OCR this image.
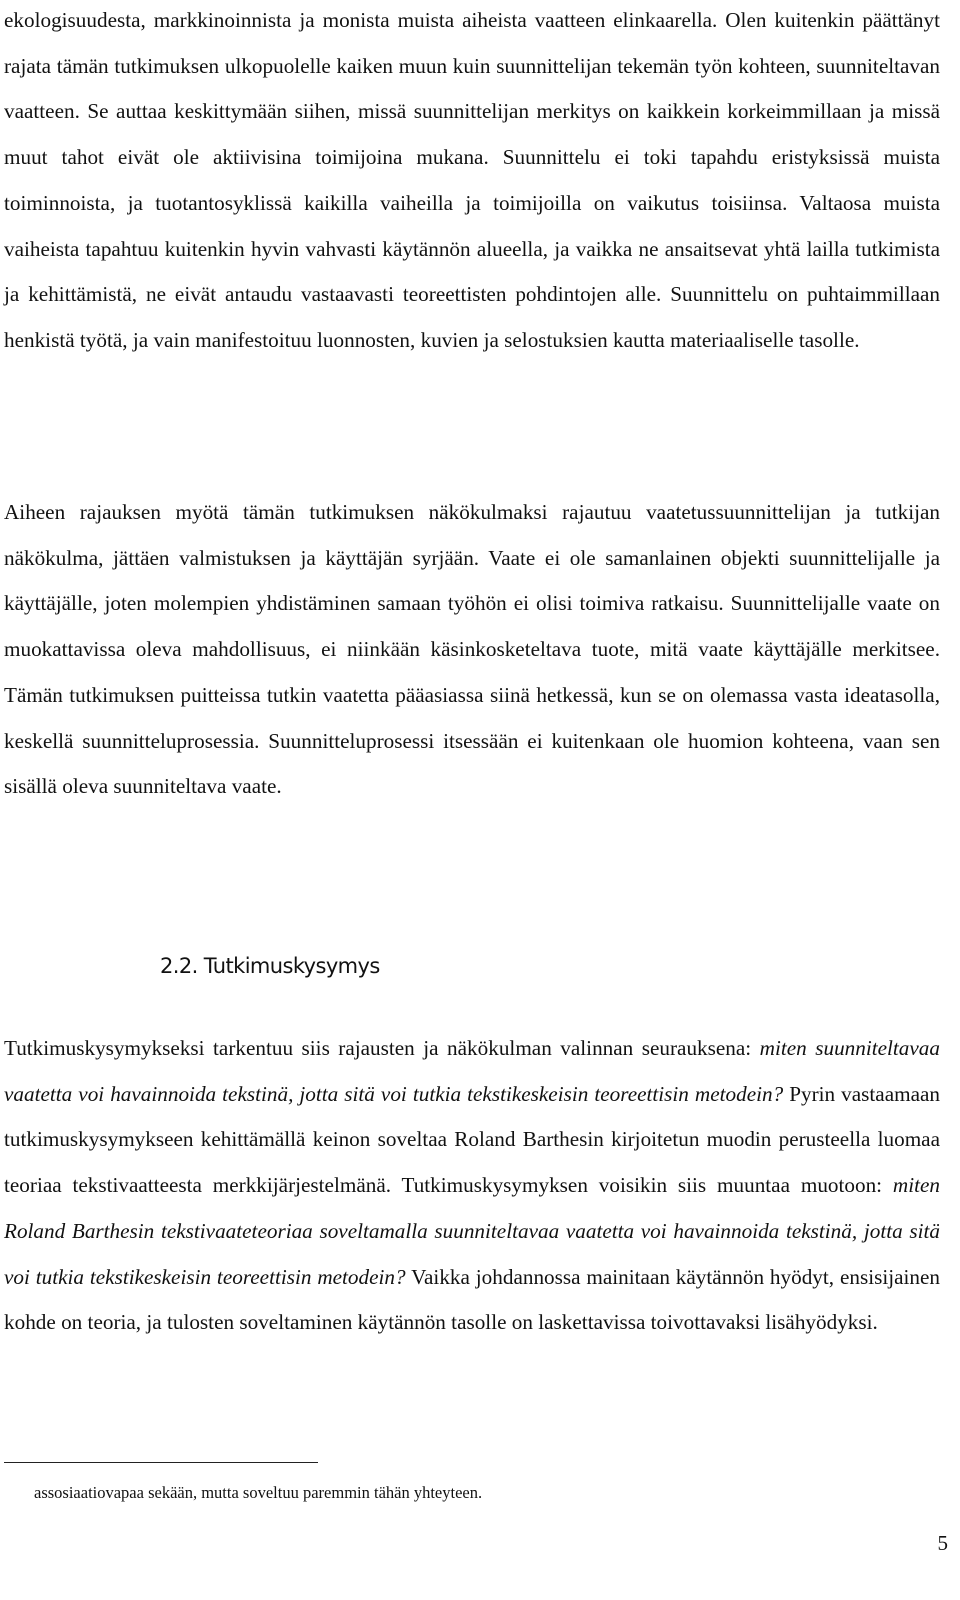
ekologisuudesta, markkinoinnista ja monista muista aiheista vaatteen elinkaarella. Olen kuitenkin päättänyt rajata tämän tutkimuksen ulkopuolelle kaiken muun kuin suunnittelijan tekemän työn kohteen, suunniteltavan vaatteen. Se auttaa keskittymään siihen, missä suunnittelijan merkitys on kaikkein korkeimmillaan ja missä muut tahot eivät ole aktiivisina toimijoina mukana. Suunnittelu ei toki tapahdu eristyksissä muista toiminnoista, ja tuotantosyklissä kaikilla vaiheilla ja toimijoilla on vaikutus toisiinsa. Valtaosa muista vaiheista tapahtuu kuitenkin hyvin vahvasti käytännön alueella, ja vaikka ne ansaitsevat yhtä lailla tutkimista ja kehittämistä, ne eivät antaudu vastaavasti teoreettisten pohdintojen alle. Suunnittelu on puhtaimmillaan henkistä työtä, ja vain manifestoituu luonnosten, kuvien ja selostuksien kautta materiaaliselle tasolle.

Aiheen rajauksen myötä tämän tutkimuksen näkökulmaksi rajautuu vaatetussuunnittelijan ja tutkijan näkökulma, jättäen valmistuksen ja käyttäjän syrjään. Vaate ei ole samanlainen objekti suunnittelijalle ja käyttäjälle, joten molempien yhdistäminen samaan työhön ei olisi toimiva ratkaisu. Suunnittelijalle vaate on muokattavissa oleva mahdollisuus, ei niinkään käsinkosketeltava tuote, mitä vaate käyttäjälle merkitsee. Tämän tutkimuksen puitteissa tutkin vaatetta pääasiassa siinä hetkessä, kun se on olemassa vasta ideatasolla, keskellä suunnitteluprosessia. Suunnitteluprosessi itsessään ei kuitenkaan ole huomion kohteena, vaan sen sisällä oleva suunniteltava vaate.

2.2. Tutkimuskysymys

Tutkimuskysymykseksi tarkentuu siis rajausten ja näkökulman valinnan seurauksena: miten suunniteltavaa vaatetta voi havainnoida tekstinä, jotta sitä voi tutkia tekstikeskeisin teoreettisin metodein? Pyrin vastaamaan tutkimuskysymykseen kehittämällä keinon soveltaa Roland Barthesin kirjoitetun muodin perusteella luomaa teoriaa tekstivaatteesta merkkijärjestelmänä. Tutkimuskysymyksen voisikin siis muuntaa muotoon: miten Roland Barthesin tekstivaateteoriaa soveltamalla suunniteltavaa vaatetta voi havainnoida tekstinä, jotta sitä voi tutkia tekstikeskeisin teoreettisin metodein? Vaikka johdannossa mainitaan käytännön hyödyt, ensisijainen kohde on teoria, ja tulosten soveltaminen käytännön tasolle on laskettavissa toivottavaksi lisähyödyksi.

assosiaatiovapaa sekään, mutta soveltuu paremmin tähän yhteyteen.

5
